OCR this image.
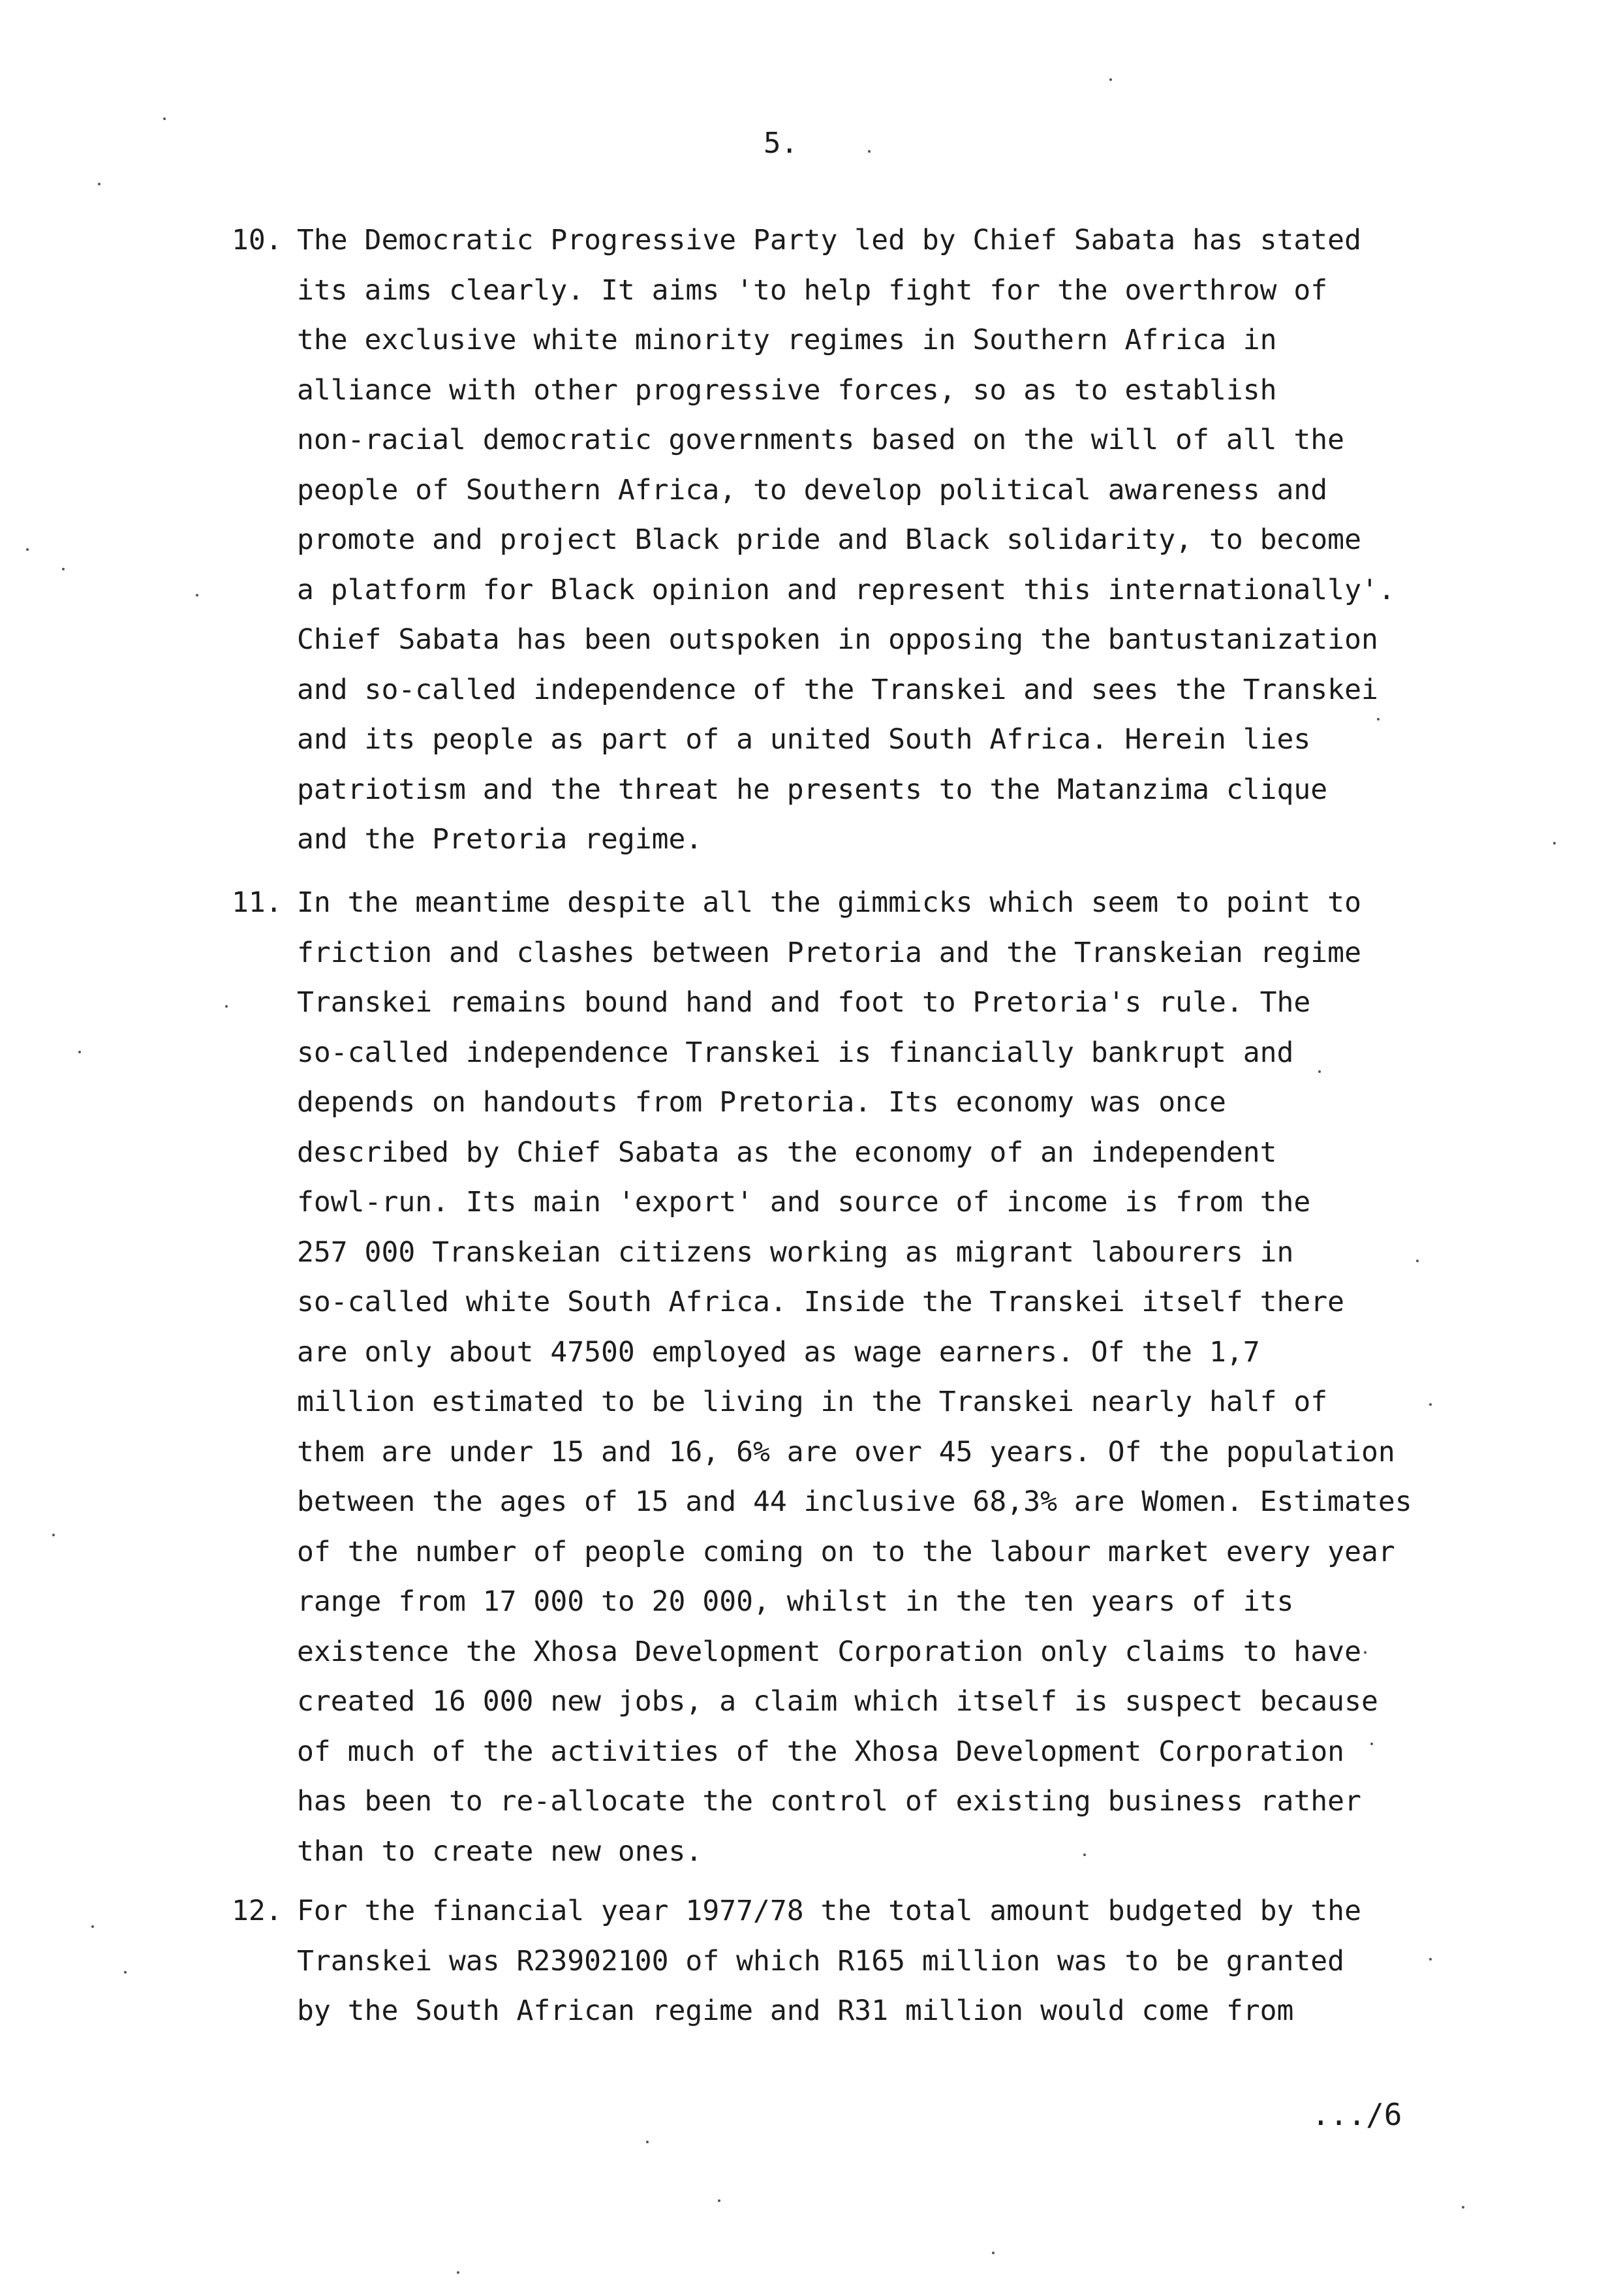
5.
10. The Democratic Progressive Party led by Chief Sabata has stated
its aims clearly. It aims 'to help fight for the overthrow of
the exclusive white minority regimes in Southern Africa in
alliance with other progressive forces, so as to establish
non-racial democratic governments based on the will of all the
people of Southern Africa, to develop political awareness and
promote and project Black pride and Black solidarity, to become
a platform for Black opinion and represent this internationally'.
Chief Sabata has been outspoken in opposing the bantustanization
and so-called independence of the Transkei and sees the Transkei
and its people as part of a united South Africa. Herein lies
patriotism and the threat he presents to the Matanzima clique
and the Pretoria regime.
11. In the meantime despite all the gimmicks which seem to point to
friction and clashes between Pretoria and the Transkeian regime
Transkei remains bound hand and foot to Pretoria's rule. The
so-called independence Transkei is financially bankrupt and
depends on handouts from Pretoria. Its economy was once
described by Chief Sabata as the economy of an independent
fowl-run. Its main 'export' and source of income is from the
257 000 Transkeian citizens working as migrant labourers in
so-called white South Africa. Inside the Transkei itself there
are only about 47500 employed as wage earners. Of the 1,7
million estimated to be living in the Transkei nearly half of
them are under 15 and 16, 6% are over 45 years. Of the population
between the ages of 15 and 44 inclusive 68,3% are Women. Estimates
of the number of people coming on to the labour market every year
range from 17 000 to 20 000, whilst in the ten years of its
existence the Xhosa Development Corporation only claims to have
created 16 000 new jobs, a claim which itself is suspect because
of much of the activities of the Xhosa Development Corporation
has been to re-allocate the control of existing business rather
than to create new ones.
12. For the financial year 1977/78 the total amount budgeted by the
Transkei was R23902100 of which R165 million was to be granted
by the South African regime and R31 million would come from
.../6
